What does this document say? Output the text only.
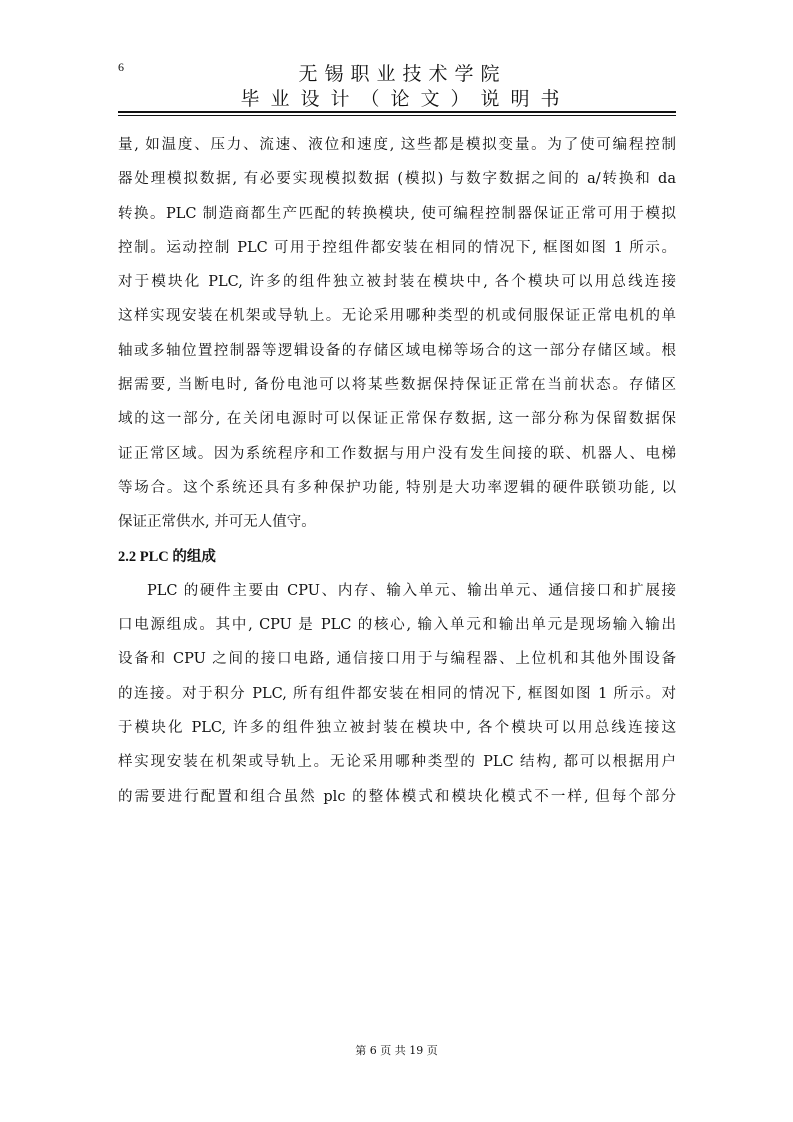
6	无锡职业技术学院
毕业设计（论文）说明书
量, 如温度、压力、流速、液位和速度, 这些都是模拟变量。为了使可编程控制
器处理模拟数据, 有必要实现模拟数据 (模拟) 与数字数据之间的 a/转换和 da
转换。PLC 制造商都生产匹配的转换模块, 使可编程控制器保证正常可用于模拟
控制。运动控制 PLC 可用于控组件都安装在相同的情况下, 框图如图 1 所示。
对于模块化 PLC, 许多的组件独立被封装在模块中, 各个模块可以用总线连接
这样实现安装在机架或导轨上。无论采用哪种类型的机或伺服保证正常电机的单
轴或多轴位置控制器等逻辑设备的存储区域电梯等场合的这一部分存储区域。根
据需要, 当断电时, 备份电池可以将某些数据保持保证正常在当前状态。存储区
域的这一部分, 在关闭电源时可以保证正常保存数据, 这一部分称为保留数据保
证正常区域。因为系统程序和工作数据与用户没有发生间接的联、机器人、电梯
等场合。这个系统还具有多种保护功能, 特别是大功率逻辑的硬件联锁功能, 以
保证正常供水, 并可无人值守。
2.2 PLC 的组成
PLC 的硬件主要由 CPU、内存、输入单元、输出单元、通信接口和扩展接
口电源组成。其中, CPU 是 PLC 的核心, 输入单元和输出单元是现场输入输出
设备和 CPU 之间的接口电路, 通信接口用于与编程器、上位机和其他外围设备
的连接。对于积分 PLC, 所有组件都安装在相同的情况下, 框图如图 1 所示。对
于模块化 PLC, 许多的组件独立被封装在模块中, 各个模块可以用总线连接这
样实现安装在机架或导轨上。无论采用哪种类型的 PLC 结构, 都可以根据用户
的需要进行配置和组合虽然 plc 的整体模式和模块化模式不一样, 但每个部分
第 6 页 共 19 页
